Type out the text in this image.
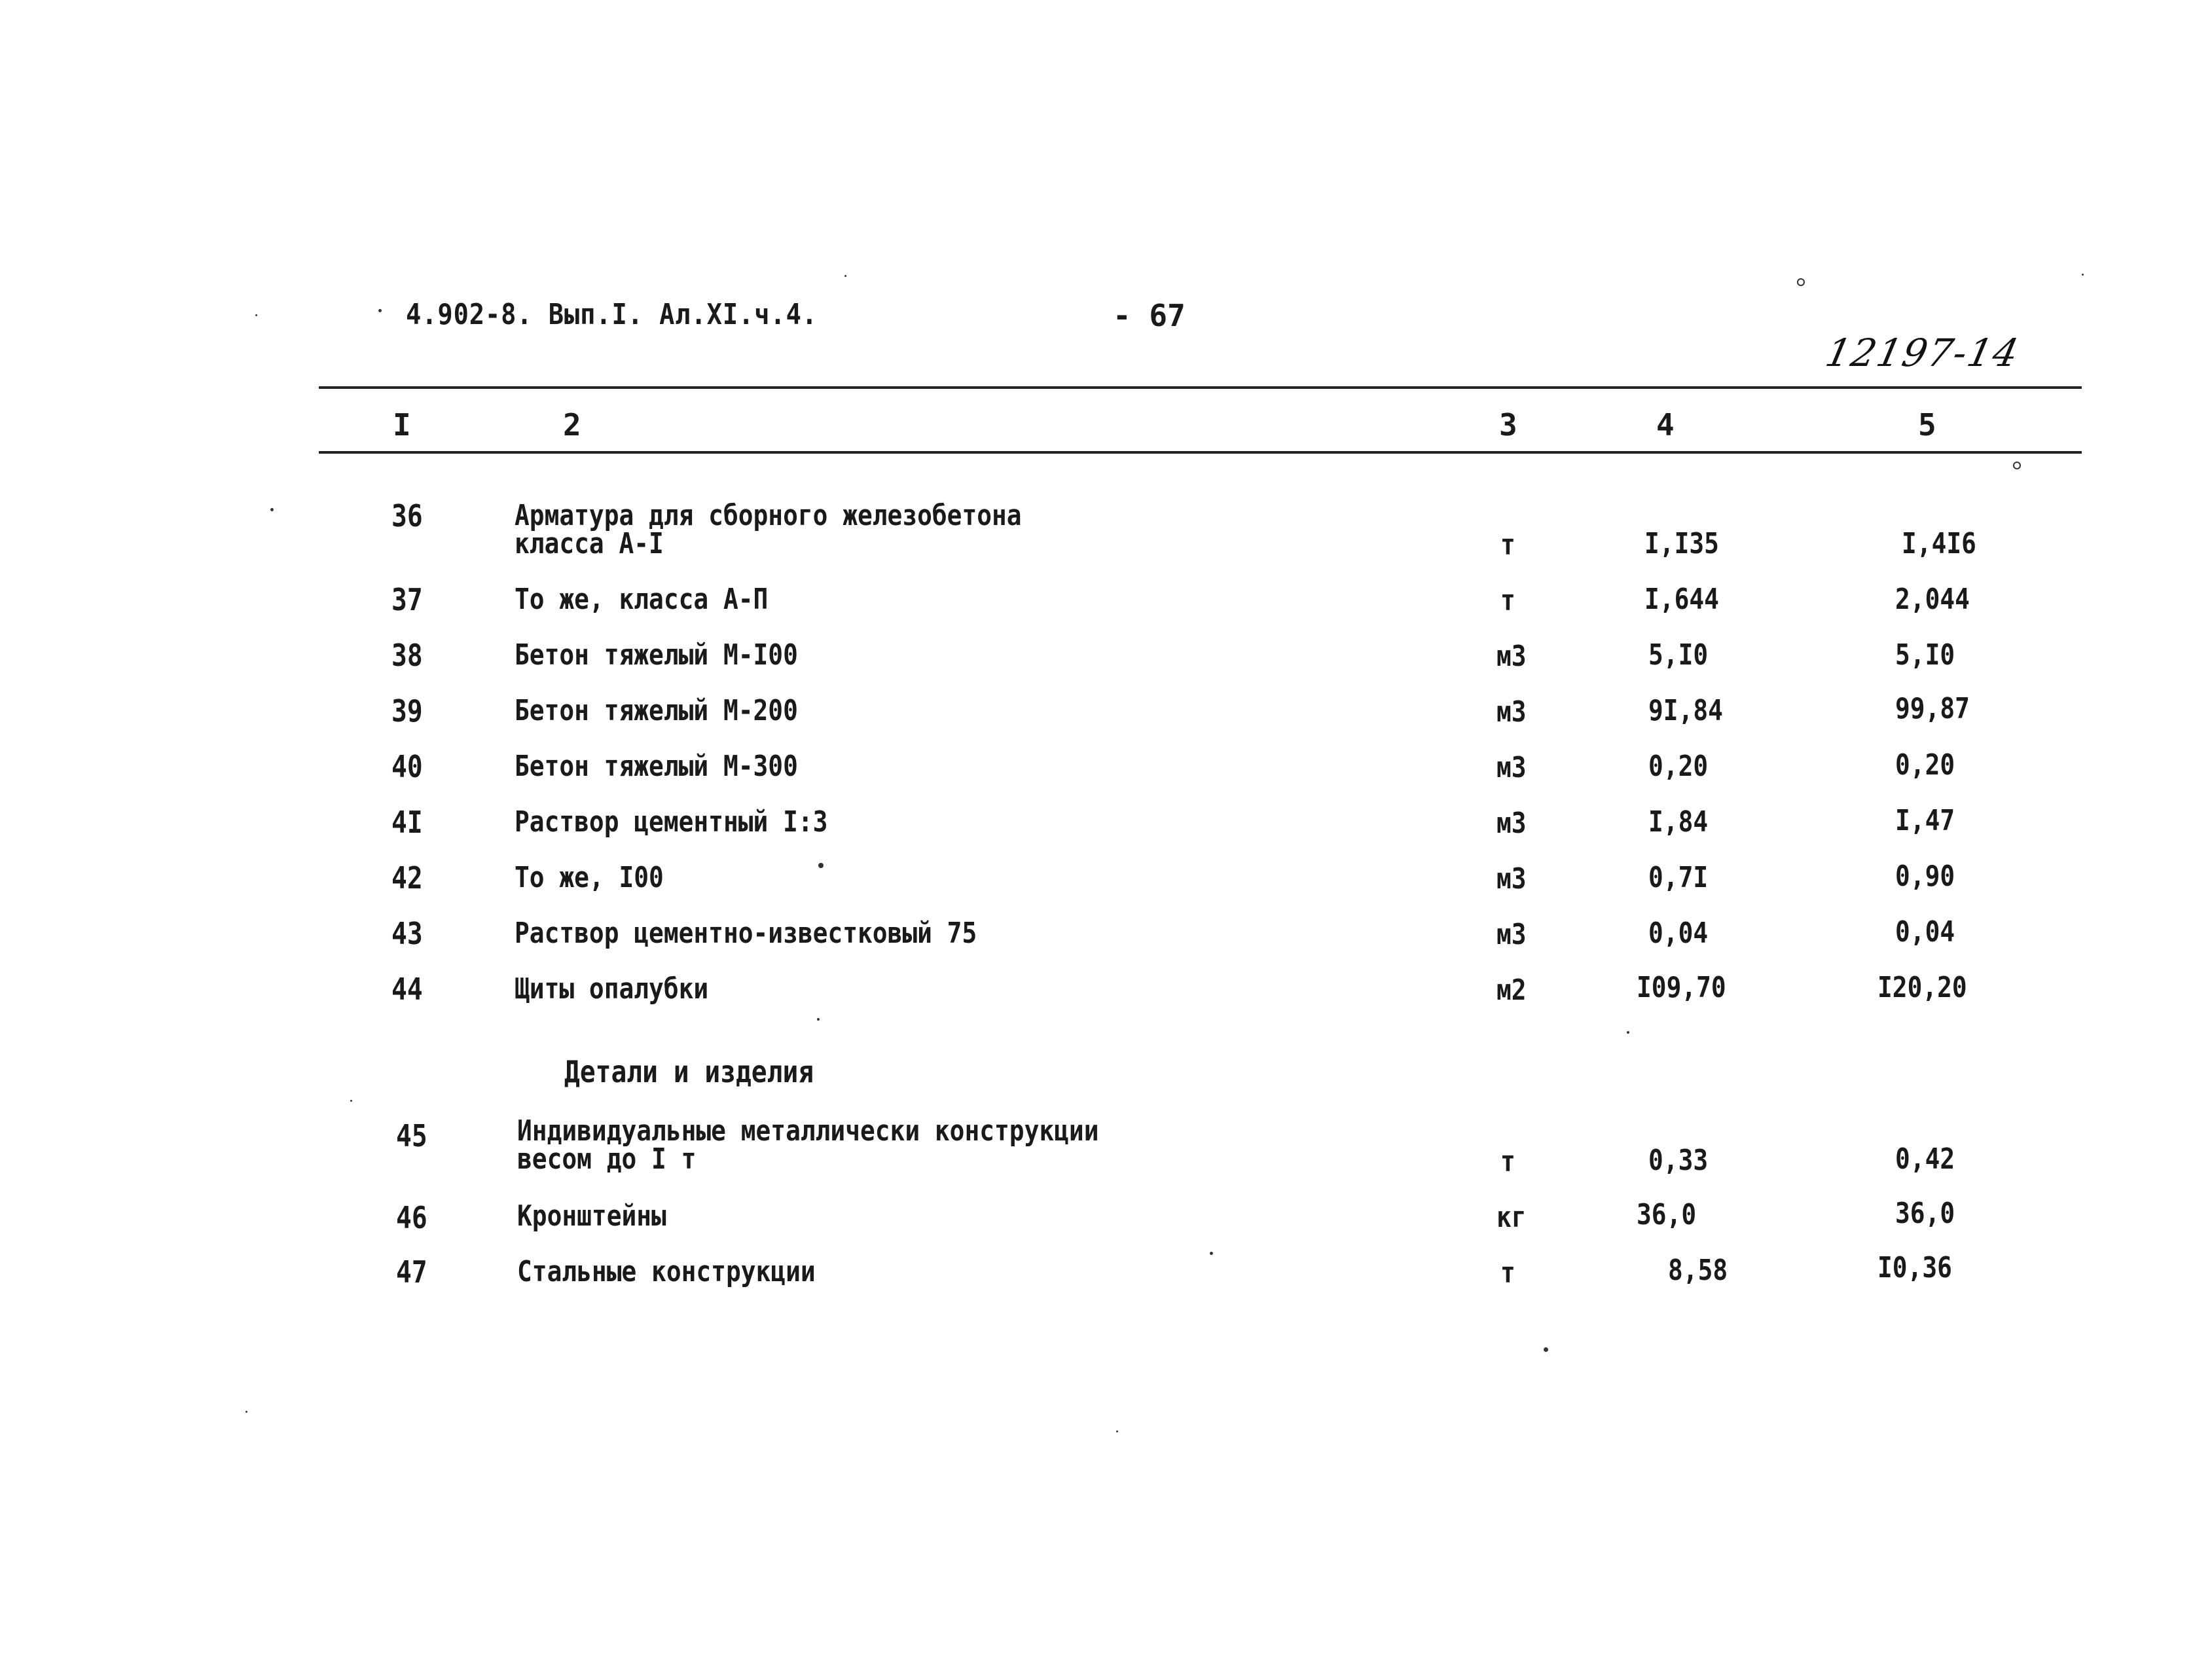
4.902-8. Вып.I. Ал.XI.ч.4.	- 67
12197-14
I	2	3	4	5
36	Арматура для сборного железобетона
класса А-I	т	I,I35	I,4I6
37	То же, класса А-П	т	I,644	2,044
38	Бетон тяжелый М-I00	м3	5,I0	5,I0
39	Бетон тяжелый М-200	м3	9I,84	99,87
40	Бетон тяжелый М-300	м3	0,20	0,20
4I	Раствор цементный I:3	м3	I,84	I,47
42	То же, I00	м3	0,7I	0,90
43	Раствор цементно-известковый 75	м3	0,04	0,04
44	Щиты опалубки	м2	I09,70	I20,20
Детали и изделия
45	Индивидуальные металлически конструкции
весом до I т	т	0,33	0,42
46	Кронштейны	кг	36,0	36,0
47	Стальные конструкции	т	8,58	I0,36
